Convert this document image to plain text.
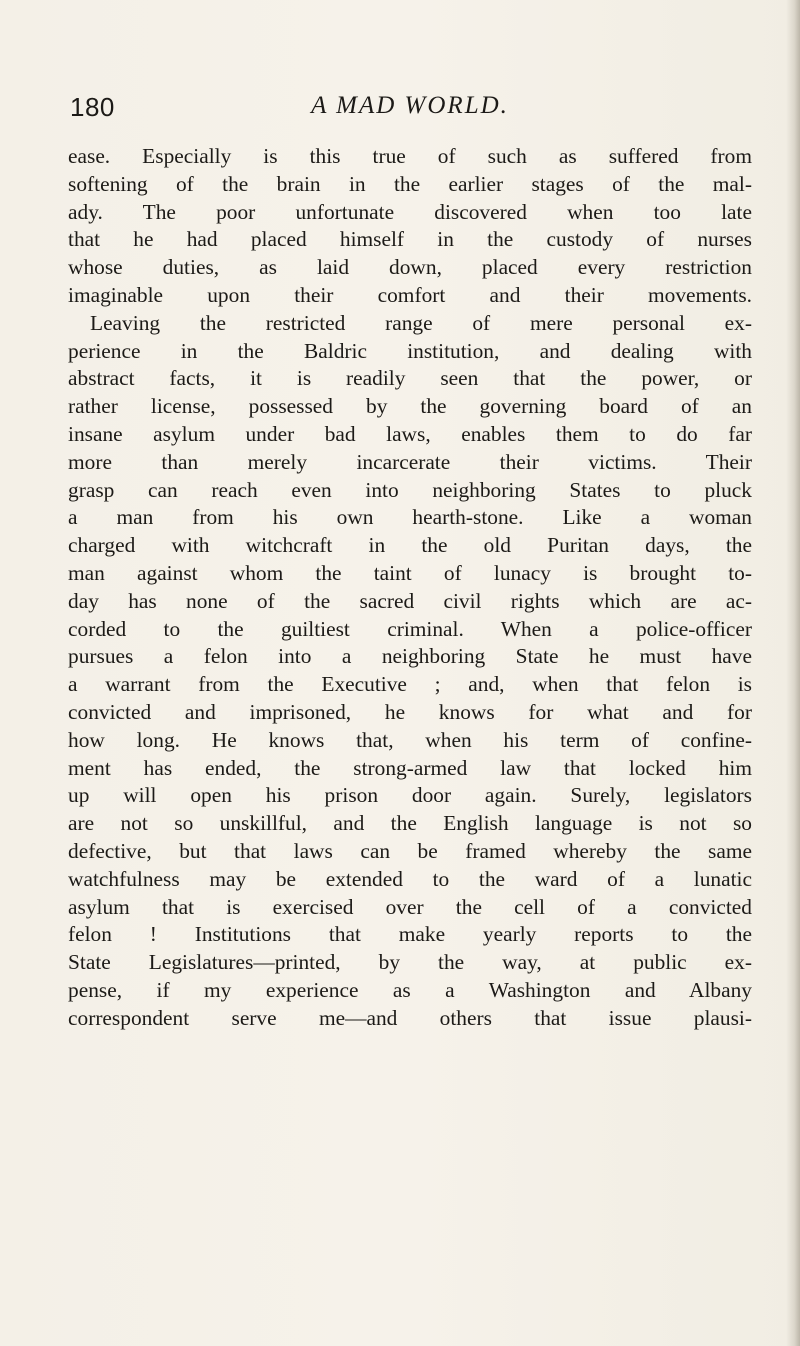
A MAD WORLD.
180
ease. Especially is this true of such as suffered from
softening of the brain in the earlier stages of the mal-
ady. The poor unfortunate discovered when too late
that he had placed himself in the custody of nurses
whose duties, as laid down, placed every restriction
imaginable upon their comfort and their movements.
Leaving the restricted range of mere personal ex-
perience in the Baldric institution, and dealing with
abstract facts, it is readily seen that the power, or
rather license, possessed by the governing board of an
insane asylum under bad laws, enables them to do far
more than merely incarcerate their victims. Their
grasp can reach even into neighboring States to pluck
a man from his own hearth-stone. Like a woman
charged with witchcraft in the old Puritan days, the
man against whom the taint of lunacy is brought to-
day has none of the sacred civil rights which are ac-
corded to the guiltiest criminal. When a police-officer
pursues a felon into a neighboring State he must have
a warrant from the Executive ; and, when that felon is
convicted and imprisoned, he knows for what and for
how long. He knows that, when his term of confine-
ment has ended, the strong-armed law that locked him
up will open his prison door again. Surely, legislators
are not so unskillful, and the English language is not so
defective, but that laws can be framed whereby the same
watchfulness may be extended to the ward of a lunatic
asylum that is exercised over the cell of a convicted
felon ! Institutions that make yearly reports to the
State Legislatures—printed, by the way, at public ex-
pense, if my experience as a Washington and Albany
correspondent serve me—and others that issue plausi-
